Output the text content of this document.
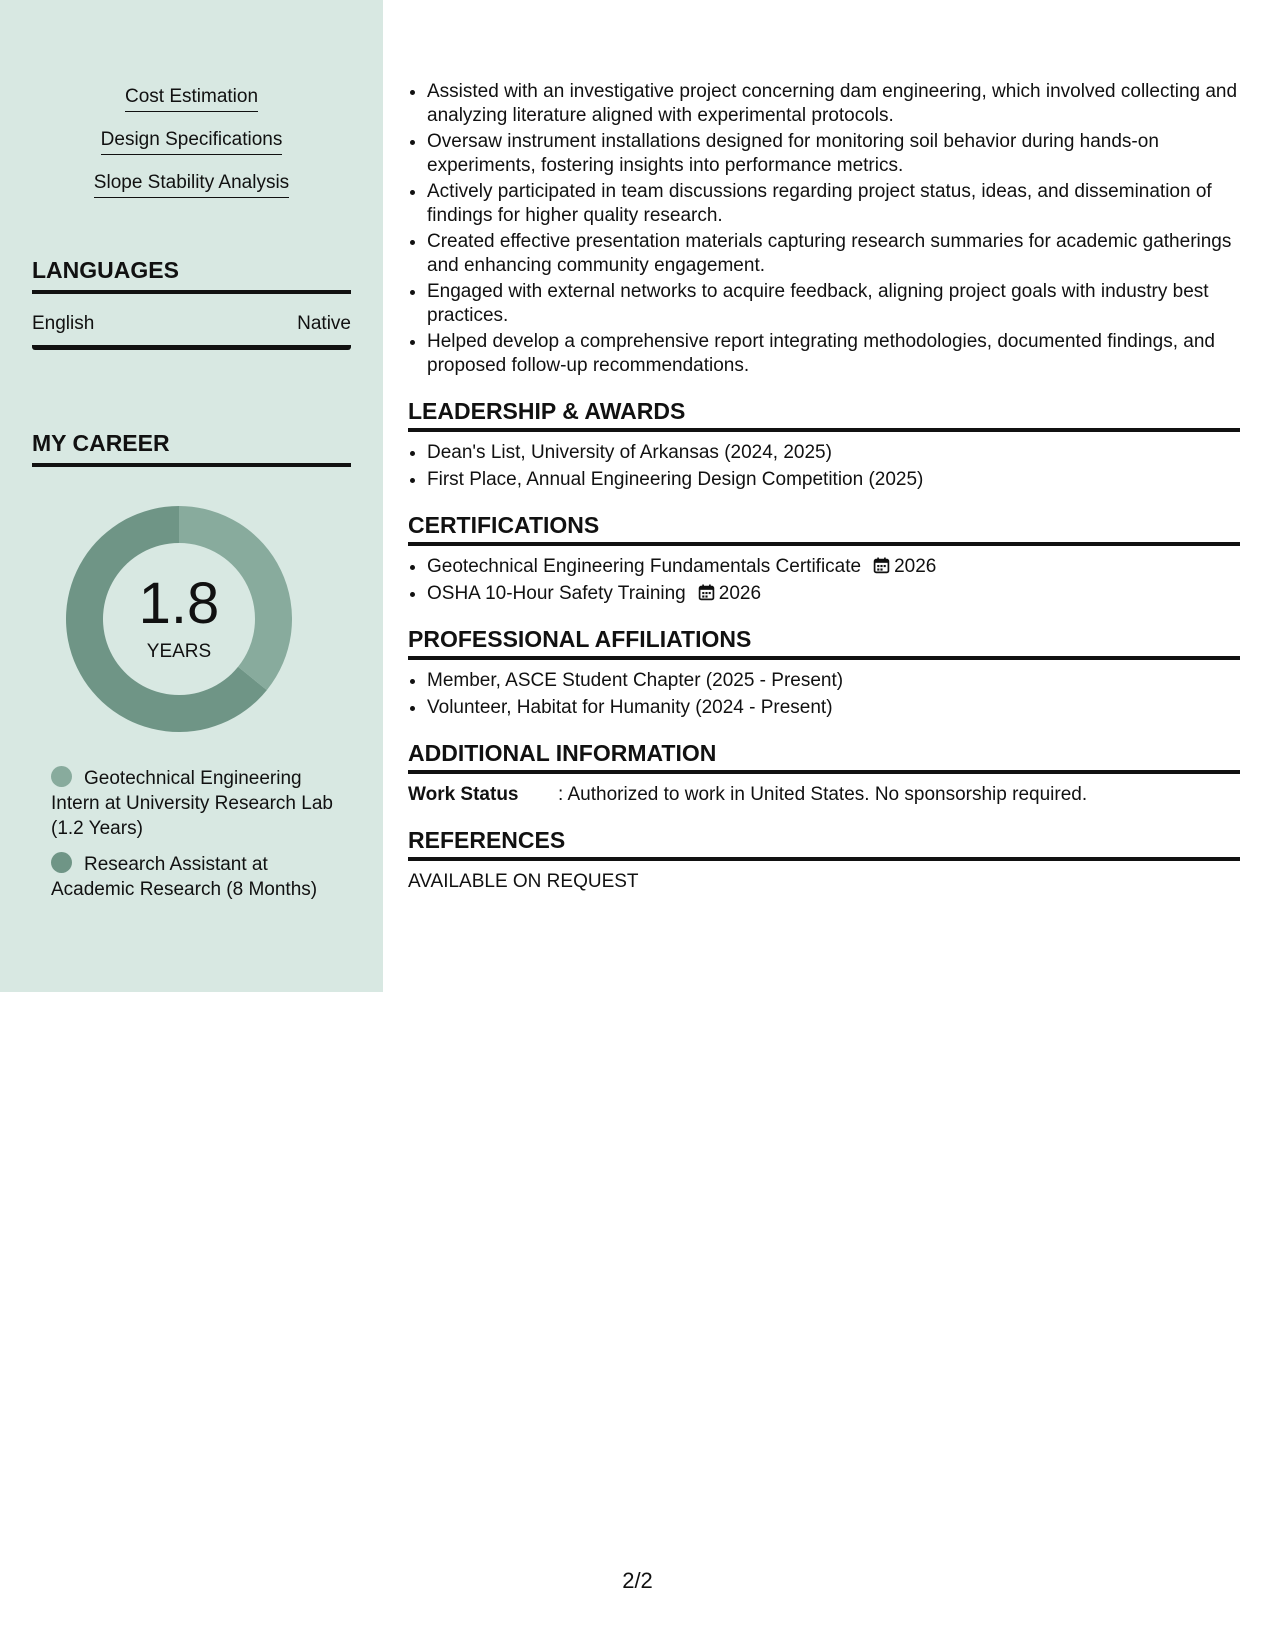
Cost Estimation
Design Specifications
Slope Stability Analysis
LANGUAGES
English	Native
MY CAREER
1.8
YEARS
Geotechnical Engineering Intern at University Research Lab (1.2 Years)
Research Assistant at Academic Research (8 Months)
• Assisted with an investigative project concerning dam engineering, which involved collecting and analyzing literature aligned with experimental protocols.
• Oversaw instrument installations designed for monitoring soil behavior during hands-on experiments, fostering insights into performance metrics.
• Actively participated in team discussions regarding project status, ideas, and dissemination of findings for higher quality research.
• Created effective presentation materials capturing research summaries for academic gatherings and enhancing community engagement.
• Engaged with external networks to acquire feedback, aligning project goals with industry best practices.
• Helped develop a comprehensive report integrating methodologies, documented findings, and proposed follow-up recommendations.
LEADERSHIP & AWARDS
• Dean's List, University of Arkansas (2024, 2025)
• First Place, Annual Engineering Design Competition (2025)
CERTIFICATIONS
• Geotechnical Engineering Fundamentals Certificate 2026
• OSHA 10-Hour Safety Training 2026
PROFESSIONAL AFFILIATIONS
• Member, ASCE Student Chapter (2025 - Present)
• Volunteer, Habitat for Humanity (2024 - Present)
ADDITIONAL INFORMATION
Work Status	: Authorized to work in United States. No sponsorship required.
REFERENCES
AVAILABLE ON REQUEST
2/2
